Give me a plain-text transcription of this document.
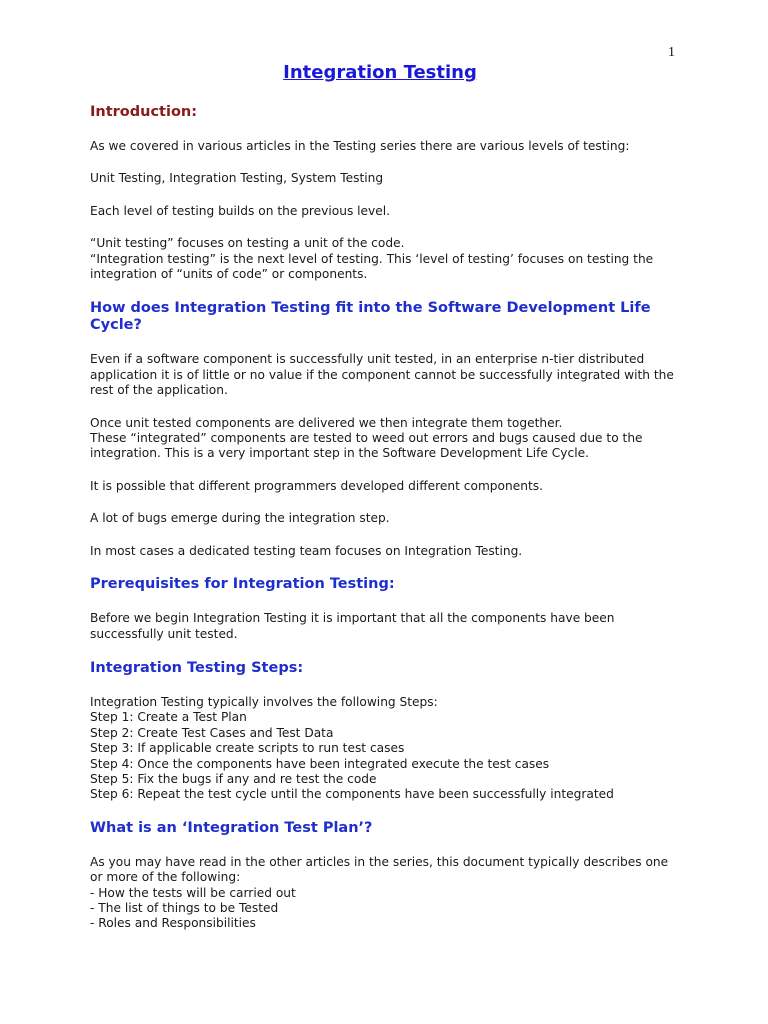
1
Integration Testing
Introduction:

As we covered in various articles in the Testing series there are various levels of testing:

Unit Testing, Integration Testing, System Testing

Each level of testing builds on the previous level.

“Unit testing” focuses on testing a unit of the code.

“Integration testing” is the next level of testing. This ‘level of testing’ focuses on testing the integration of “units of code” or components.

How does Integration Testing fit into the Software Development Life Cycle?

Even if a software component is successfully unit tested, in an enterprise n-tier distributed application it is of little or no value if the component cannot be successfully integrated with the rest of the application.

Once unit tested components are delivered we then integrate them together.

These “integrated” components are tested to weed out errors and bugs caused due to the integration. This is a very important step in the Software Development Life Cycle.

It is possible that different programmers developed different components.

A lot of bugs emerge during the integration step.

In most cases a dedicated testing team focuses on Integration Testing.

Prerequisites for Integration Testing:

Before we begin Integration Testing it is important that all the components have been successfully unit tested.

Integration Testing Steps:

Integration Testing typically involves the following Steps:

Step 1: Create a Test Plan
Step 2: Create Test Cases and Test Data
Step 3: If applicable create scripts to run test cases
Step 4: Once the components have been integrated execute the test cases
Step 5: Fix the bugs if any and re test the code
Step 6: Repeat the test cycle until the components have been successfully integrated
What is an ‘Integration Test Plan’?

As you may have read in the other articles in the series, this document typically describes one or more of the following:

- How the tests will be carried out
- The list of things to be Tested
- Roles and Responsibilities
